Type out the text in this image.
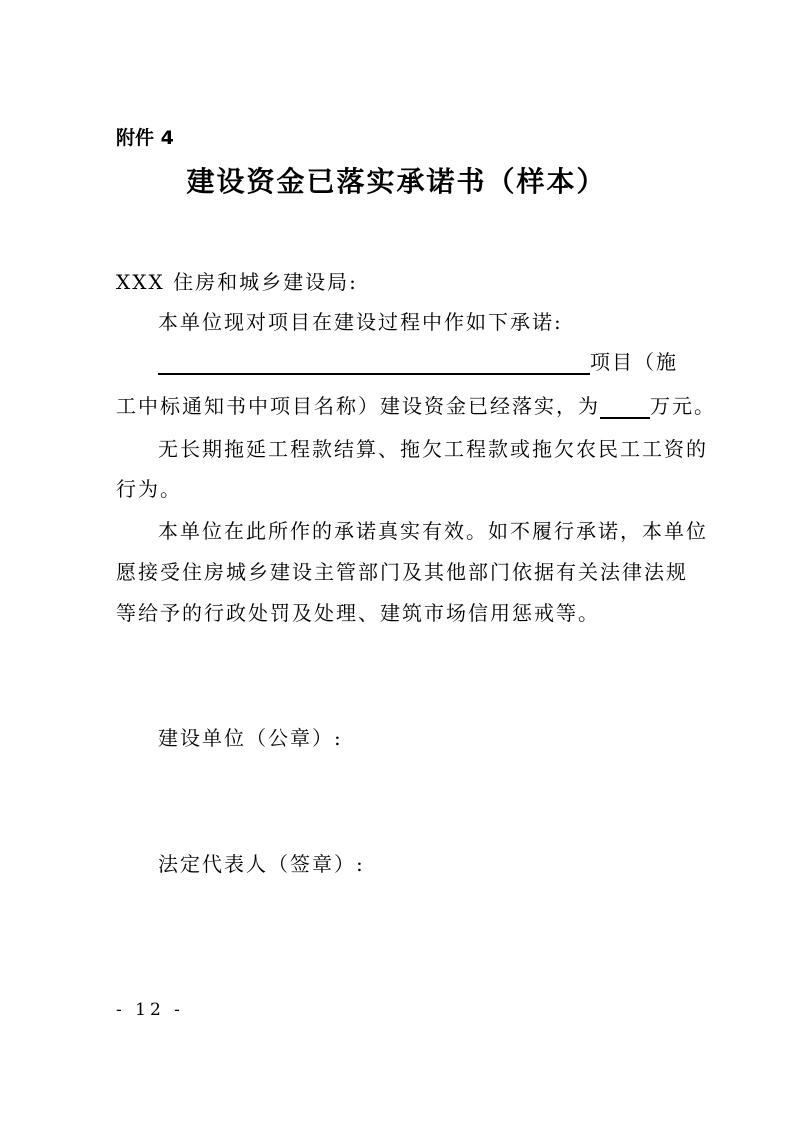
附件 4
建设资金已落实承诺书（样本）
XXX 住房和城乡建设局:
本单位现对项目在建设过程中作如下承诺:
项目（施
工中标通知书中项目名称）建设资金已经落实，为	万元。
无长期拖延工程款结算、拖欠工程款或拖欠农民工工资的
行为。
本单位在此所作的承诺真实有效。如不履行承诺，本单位
愿接受住房城乡建设主管部门及其他部门依据有关法律法规
等给予的行政处罚及处理、建筑市场信用惩戒等。
建设单位（公章）:
法定代表人（签章）:
- 12 -
